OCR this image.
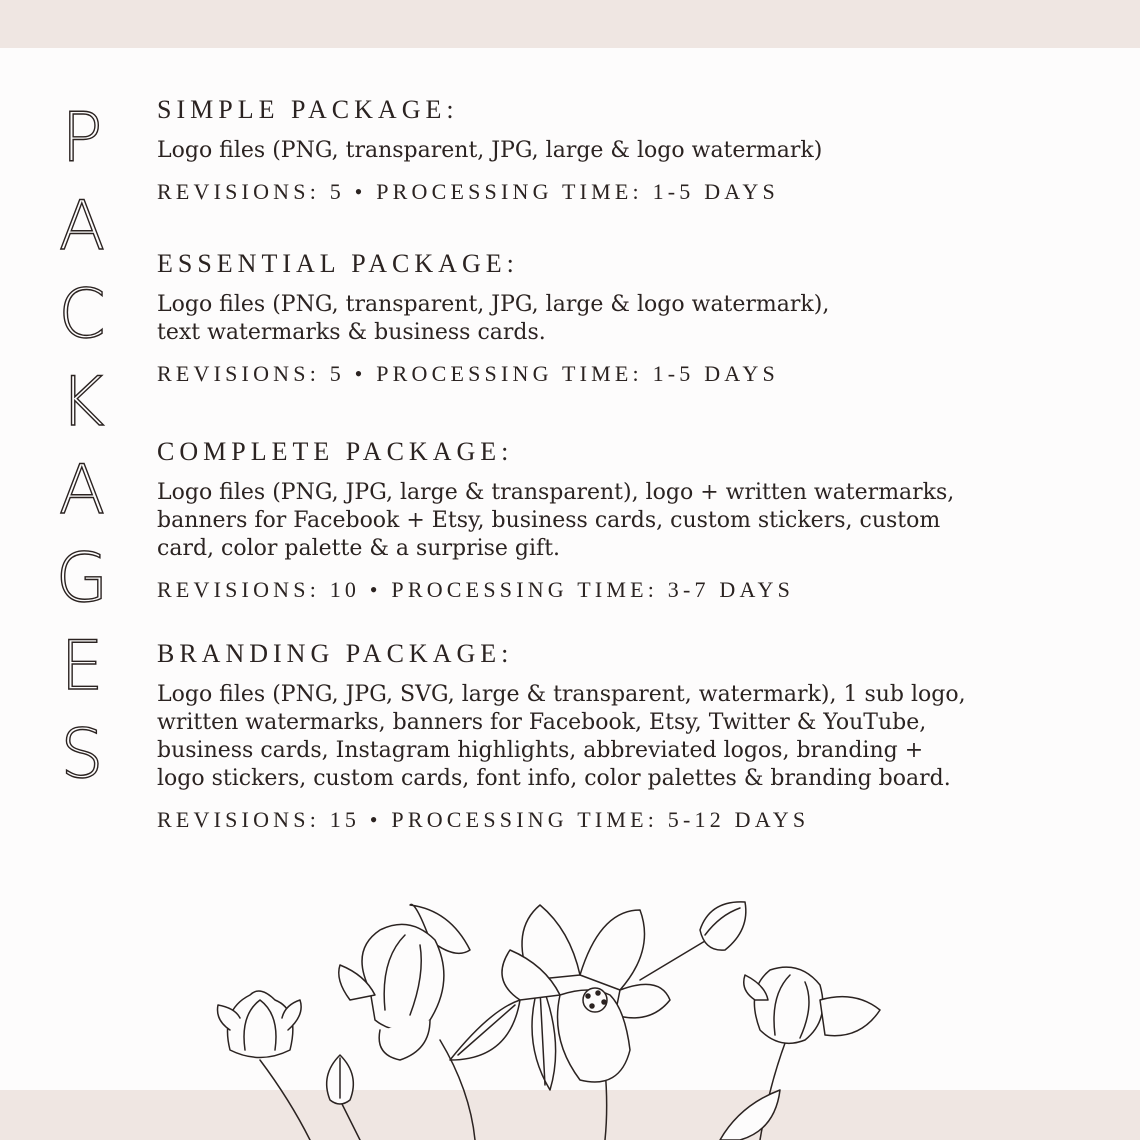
P
A
C
K
A
G
E
S
SIMPLE PACKAGE:

Logo files (PNG, transparent, JPG, large & logo watermark)

REVISIONS: 5 • PROCESSING TIME: 1-5 DAYS
ESSENTIAL PACKAGE:

Logo files (PNG, transparent, JPG, large & logo watermark),
text watermarks & business cards.

REVISIONS: 5 • PROCESSING TIME: 1-5 DAYS
COMPLETE PACKAGE:

Logo files (PNG, JPG, large & transparent), logo + written watermarks,
banners for Facebook + Etsy, business cards, custom stickers, custom
card, color palette & a surprise gift.

REVISIONS: 10 • PROCESSING TIME: 3-7 DAYS
BRANDING PACKAGE:

Logo files (PNG, JPG, SVG, large & transparent, watermark), 1 sub logo,
written watermarks, banners for Facebook, Etsy, Twitter & YouTube,
business cards, Instagram highlights, abbreviated logos, branding +
logo stickers, custom cards, font info, color palettes & branding board.

REVISIONS: 15 • PROCESSING TIME: 5-12 DAYS
